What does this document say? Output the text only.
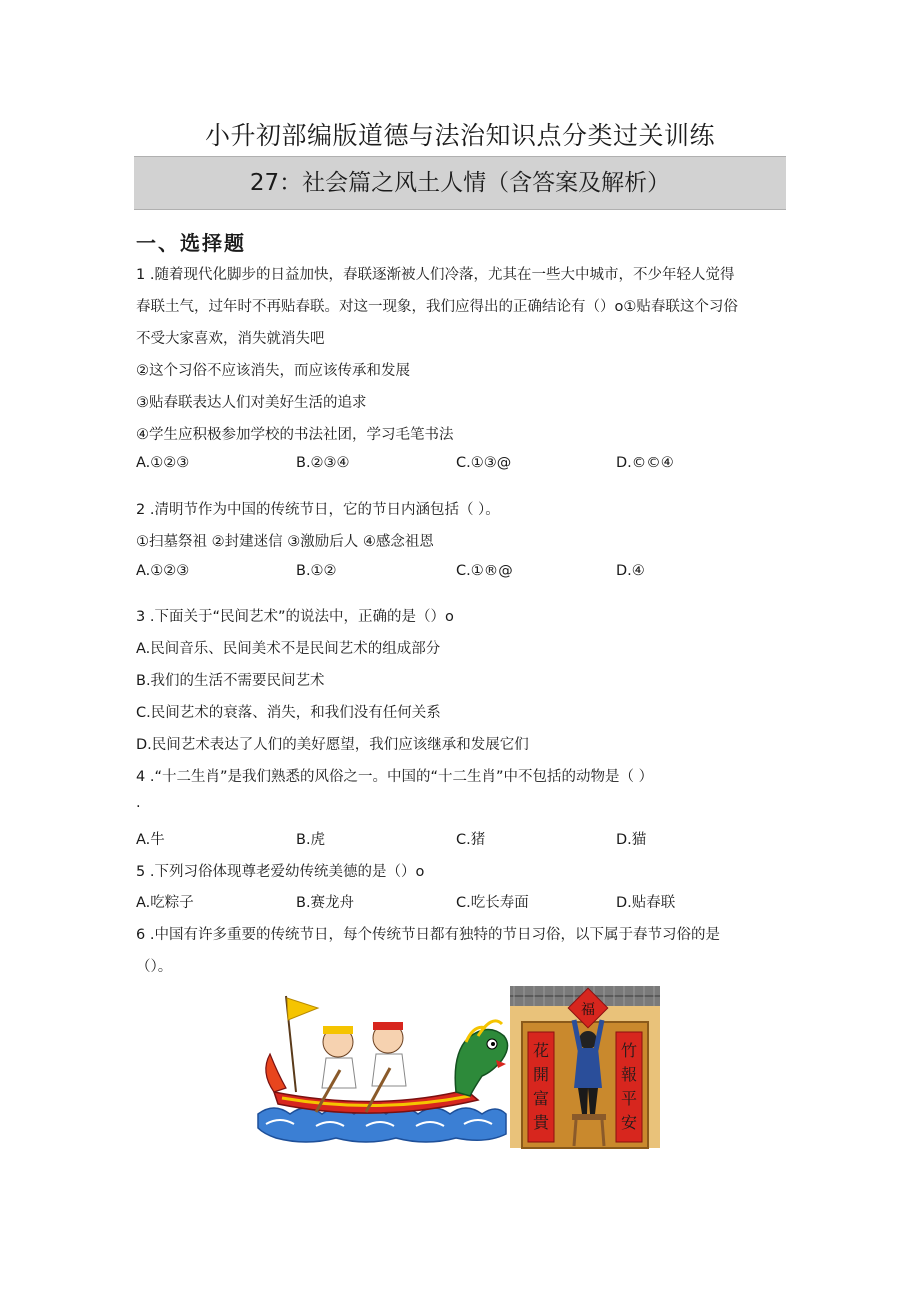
小升初部编版道德与法治知识点分类过关训练
27：社会篇之风土人情（含答案及解析）
一、选择题
1 .随着现代化脚步的日益加快，春联逐渐被人们冷落，尤其在一些大中城市，不少年轻人觉得
春联土气，过年时不再贴春联。对这一现象，我们应得出的正确结论有（）o①贴春联这个习俗
不受大家喜欢，消失就消失吧
②这个习俗不应该消失，而应该传承和发展
③贴春联表达人们对美好生活的追求
④学生应积极参加学校的书法社团，学习毛笔书法
A.①②③	B.②③④	C.①③@	D.©©④
2 .清明节作为中国的传统节日，它的节日内涵包括（ ）。
①扫墓祭祖 ②封建迷信 ③激励后人 ④感念祖恩
A.①②③	B.①②	C.①®@	D.④
3 .下面关于“民间艺术”的说法中，正确的是（）o
A.民间音乐、民间美术不是民间艺术的组成部分
B.我们的生活不需要民间艺术
C.民间艺术的衰落、消失，和我们没有任何关系
D.民间艺术表达了人们的美好愿望，我们应该继承和发展它们
4 .“十二生肖”是我们熟悉的风俗之一。中国的“十二生肖”中不包括的动物是（ ）
.
A.牛	B.虎	C.猪	D.猫
5 .下列习俗体现尊老爱幼传统美德的是（）o
A.吃粽子	B.赛龙舟	C.吃长寿面	D.贴春联
6 .中国有许多重要的传统节日，每个传统节日都有独特的节日习俗，以下属于春节习俗的是
（）。
福
花
開
富
貴
竹
報
平
安
